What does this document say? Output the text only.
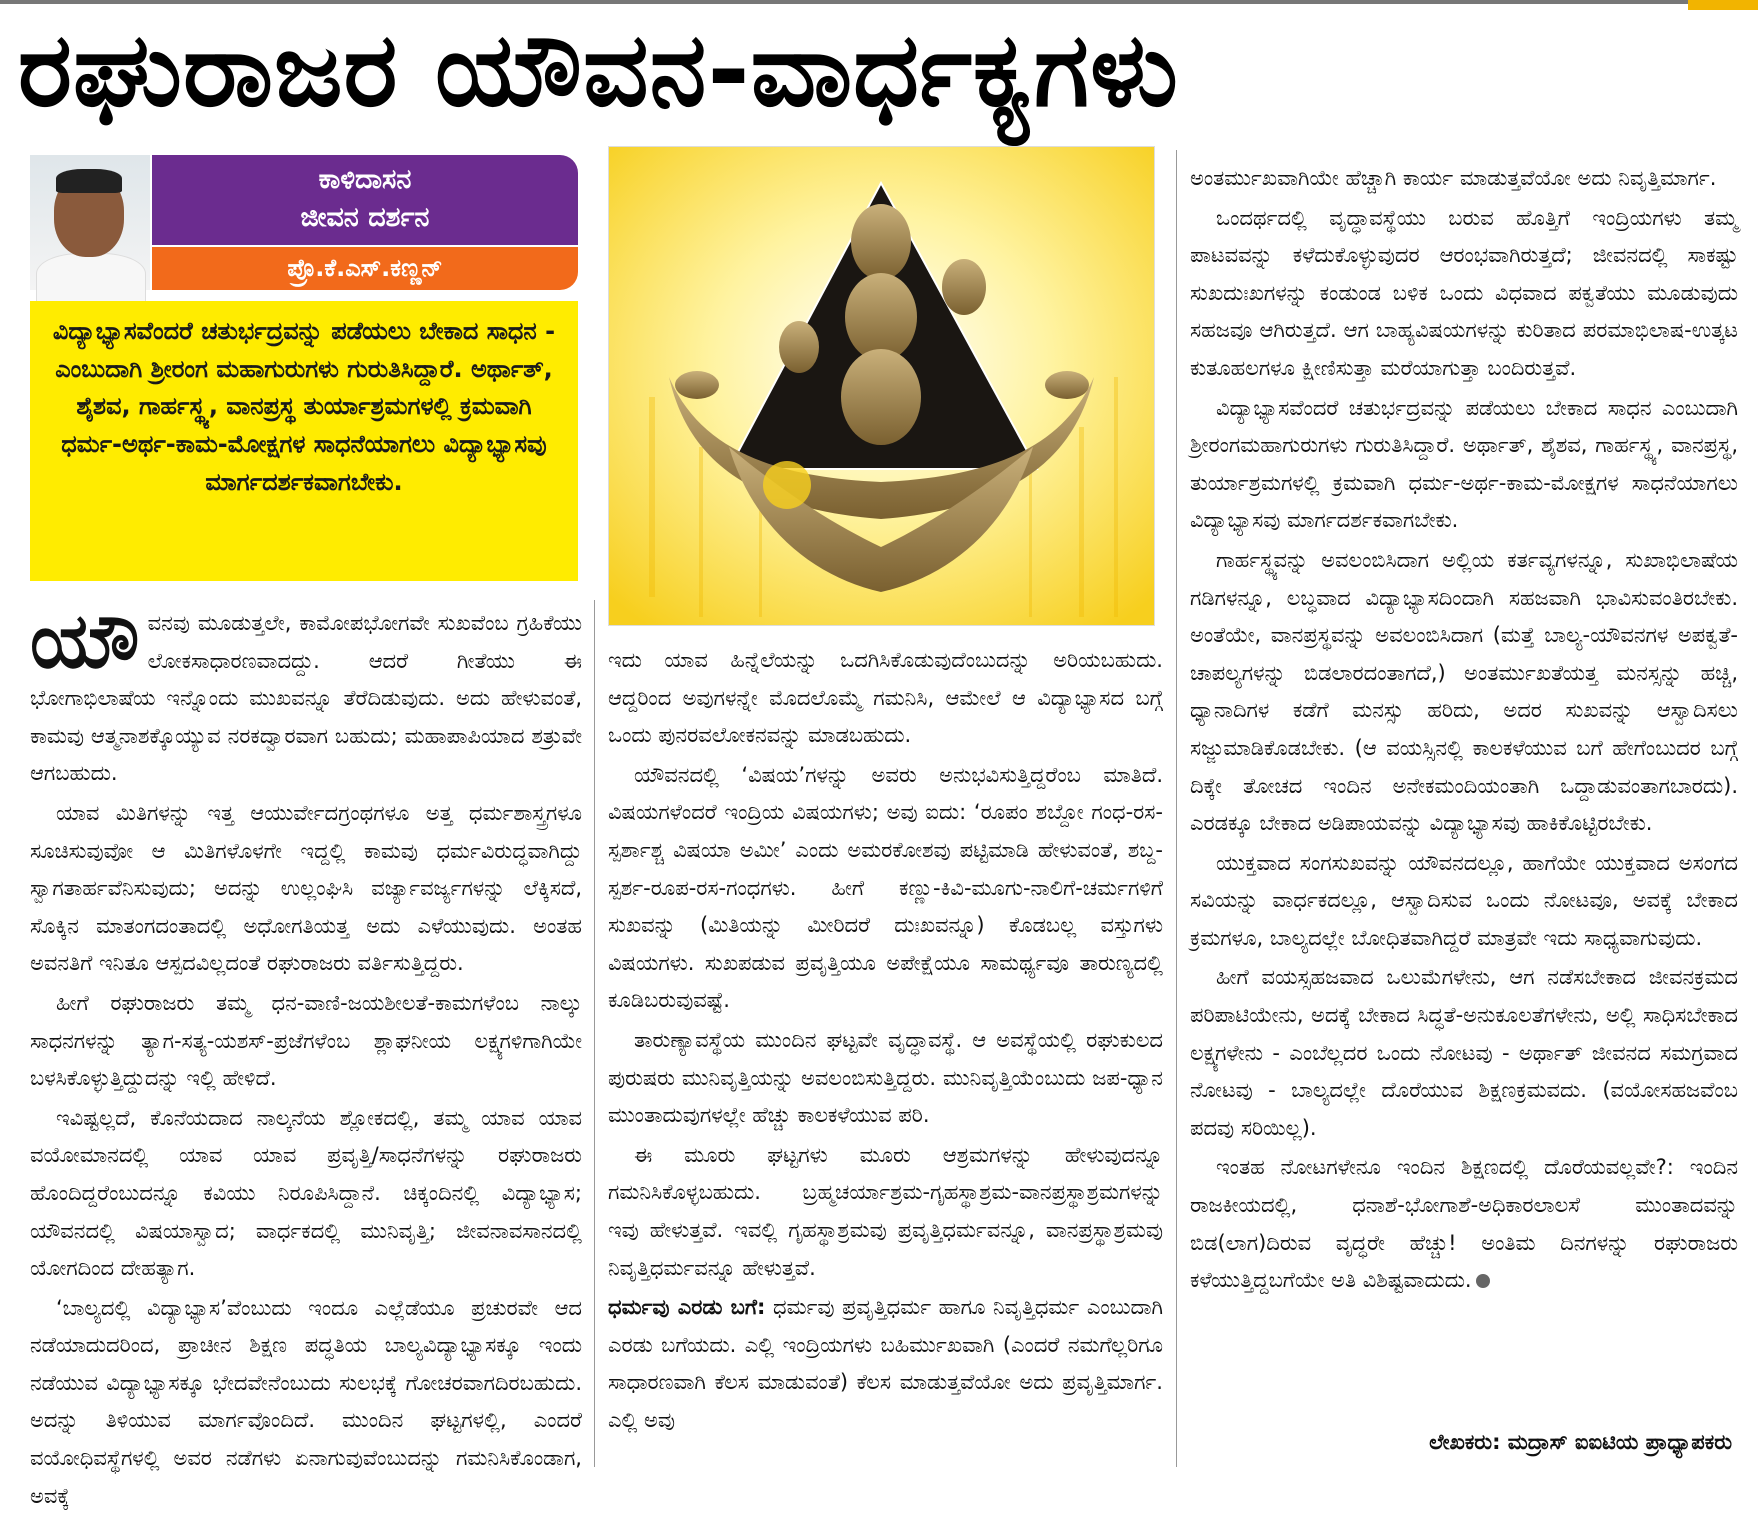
ರಘುರಾಜರ ಯೌವನ-ವಾರ್ಧಕ್ಯಗಳು
ಕಾಳಿದಾಸನ
ಜೀವನ ದರ್ಶನ
ಪ್ರೊ.ಕೆ.ಎಸ್.ಕಣ್ಣನ್

ವಿದ್ಯಾಭ್ಯಾಸವೆಂದರೆ ಚತುರ್ಭದ್ರವನ್ನು ಪಡೆಯಲು ಬೇಕಾದ ಸಾಧನ - ಎಂಬುದಾಗಿ ಶ್ರೀರಂಗ ಮಹಾಗುರುಗಳು ಗುರುತಿಸಿದ್ದಾರೆ. ಅರ್ಥಾತ್, ಶೈಶವ, ಗಾರ್ಹಸ್ಥ್ಯ, ವಾನಪ್ರಸ್ಥ ತುರ್ಯಾಶ್ರಮಗಳಲ್ಲಿ ಕ್ರಮವಾಗಿ ಧರ್ಮ-ಅರ್ಥ-ಕಾಮ-ಮೋಕ್ಷಗಳ ಸಾಧನೆಯಾಗಲು ವಿದ್ಯಾಭ್ಯಾಸವು ಮಾರ್ಗದರ್ಶಕವಾಗಬೇಕು.

ಯೌವನವು ಮೂಡುತ್ತಲೇ, ಕಾಮೋಪಭೋಗವೇ ಸುಖವೆಂಬ ಗ್ರಹಿಕೆಯು ಲೋಕಸಾಧಾರಣವಾದದ್ದು. ಆದರೆ ಗೀತೆಯು ಈ ಭೋಗಾಭಿಲಾಷೆಯ ಇನ್ನೊಂದು ಮುಖವನ್ನೂ ತೆರೆದಿಡುವುದು. ಅದು ಹೇಳುವಂತೆ, ಕಾಮವು ಆತ್ಮನಾಶಕ್ಕೊಯ್ಯುವ ನರಕದ್ವಾರವಾಗ ಬಹುದು; ಮಹಾಪಾಪಿಯಾದ ಶತ್ರುವೇ ಆಗಬಹುದು.

ಯಾವ ಮಿತಿಗಳನ್ನು ಇತ್ತ ಆಯುರ್ವೇದಗ್ರಂಥಗಳೂ ಅತ್ತ ಧರ್ಮಶಾಸ್ತ್ರಗಳೂ ಸೂಚಿಸುವುವೋ ಆ ಮಿತಿಗಳೊಳಗೇ ಇದ್ದಲ್ಲಿ ಕಾಮವು ಧರ್ಮವಿರುದ್ಧವಾಗಿದ್ದು ಸ್ವಾಗತಾರ್ಹವೆನಿಸುವುದು; ಅದನ್ನು ಉಲ್ಲಂಘಿಸಿ ವರ್ಜ್ಯಾವರ್ಜ್ಯಗಳನ್ನು ಲೆಕ್ಕಿಸದೆ, ಸೊಕ್ಕಿನ ಮಾತಂಗದಂತಾದಲ್ಲಿ ಅಧೋಗತಿಯತ್ತ ಅದು ಎಳೆಯುವುದು. ಅಂತಹ ಅವನತಿಗೆ ಇನಿತೂ ಆಸ್ಪದವಿಲ್ಲದಂತೆ ರಘುರಾಜರು ವರ್ತಿಸುತ್ತಿದ್ದರು.

ಹೀಗೆ ರಘುರಾಜರು ತಮ್ಮ ಧನ-ವಾಣಿ-ಜಯಶೀಲತೆ-ಕಾಮಗಳೆಂಬ ನಾಲ್ಕು ಸಾಧನಗಳನ್ನು ತ್ಯಾಗ-ಸತ್ಯ-ಯಶಸ್-ಪ್ರಜೆಗಳೆಂಬ ಶ್ಲಾಘನೀಯ ಲಕ್ಷ್ಯಗಳಿಗಾಗಿಯೇ ಬಳಸಿಕೊಳ್ಳುತ್ತಿದ್ದುದನ್ನು ಇಲ್ಲಿ ಹೇಳಿದೆ.

ಇವಿಷ್ಟಲ್ಲದೆ, ಕೊನೆಯದಾದ ನಾಲ್ಕನೆಯ ಶ್ಲೋಕದಲ್ಲಿ, ತಮ್ಮ ಯಾವ ಯಾವ ವಯೋಮಾನದಲ್ಲಿ ಯಾವ ಯಾವ ಪ್ರವೃತ್ತಿ/ಸಾಧನೆಗಳನ್ನು ರಘುರಾಜರು ಹೊಂದಿದ್ದರೆಂಬುದನ್ನೂ ಕವಿಯು ನಿರೂಪಿಸಿದ್ದಾನೆ. ಚಿಕ್ಕಂದಿನಲ್ಲಿ ವಿದ್ಯಾಭ್ಯಾಸ; ಯೌವನದಲ್ಲಿ ವಿಷಯಾಸ್ವಾದ; ವಾರ್ಧಕದಲ್ಲಿ ಮುನಿವೃತ್ತಿ; ಜೀವನಾವಸಾನದಲ್ಲಿ ಯೋಗದಿಂದ ದೇಹತ್ಯಾಗ.

‘ಬಾಲ್ಯದಲ್ಲಿ ವಿದ್ಯಾಭ್ಯಾಸ’ವೆಂಬುದು ಇಂದೂ ಎಲ್ಲೆಡೆಯೂ ಪ್ರಚುರವೇ ಆದ ನಡೆಯಾದುದರಿಂದ, ಪ್ರಾಚೀನ ಶಿಕ್ಷಣ ಪದ್ಧತಿಯ ಬಾಲ್ಯವಿದ್ಯಾಭ್ಯಾಸಕ್ಕೂ ಇಂದು ನಡೆಯುವ ವಿದ್ಯಾಭ್ಯಾಸಕ್ಕೂ ಭೇದವೇನೆಂಬುದು ಸುಲಭಕ್ಕೆ ಗೋಚರವಾಗದಿರಬಹುದು. ಅದನ್ನು ತಿಳಿಯುವ ಮಾರ್ಗವೊಂದಿದೆ. ಮುಂದಿನ ಘಟ್ಟಗಳಲ್ಲಿ, ಎಂದರೆ ವಯೋಧಿವಸ್ಥೆಗಳಲ್ಲಿ ಅವರ ನಡೆಗಳು ಏನಾಗುವುವೆಂಬುದನ್ನು ಗಮನಿಸಿಕೊಂಡಾಗ, ಅವಕ್ಕೆ

ಇದು ಯಾವ ಹಿನ್ನೆಲೆಯನ್ನು ಒದಗಿಸಿಕೊಡುವುದೆಂಬುದನ್ನು ಅರಿಯಬಹುದು. ಆದ್ದರಿಂದ ಅವುಗಳನ್ನೇ ಮೊದಲೊಮ್ಮೆ ಗಮನಿಸಿ, ಆಮೇಲೆ ಆ ವಿದ್ಯಾಭ್ಯಾಸದ ಬಗ್ಗೆ ಒಂದು ಪುನರವಲೋಕನವನ್ನು ಮಾಡಬಹುದು.

ಯೌವನದಲ್ಲಿ ‘ವಿಷಯ’ಗಳನ್ನು ಅವರು ಅನುಭವಿಸುತ್ತಿದ್ದರೆಂಬ ಮಾತಿದೆ. ವಿಷಯಗಳೆಂದರೆ ಇಂದ್ರಿಯ ವಿಷಯಗಳು; ಅವು ಐದು: ‘ರೂಪಂ ಶಬ್ದೋ ಗಂಧ-ರಸ-ಸ್ಪರ್ಶಾಶ್ಚ ವಿಷಯಾ ಅಮೀ’ ಎಂದು ಅಮರಕೋಶವು ಪಟ್ಟಿಮಾಡಿ ಹೇಳುವಂತೆ, ಶಬ್ದ-ಸ್ಪರ್ಶ-ರೂಪ-ರಸ-ಗಂಧಗಳು. ಹೀಗೆ ಕಣ್ಣು-ಕಿವಿ-ಮೂಗು-ನಾಲಿಗೆ-ಚರ್ಮಗಳಿಗೆ ಸುಖವನ್ನು (ಮಿತಿಯನ್ನು ಮೀರಿದರೆ ದುಃಖವನ್ನೂ) ಕೊಡಬಲ್ಲ ವಸ್ತುಗಳು ವಿಷಯಗಳು. ಸುಖಪಡುವ ಪ್ರವೃತ್ತಿಯೂ ಅಪೇಕ್ಷೆಯೂ ಸಾಮರ್ಥ್ಯವೂ ತಾರುಣ್ಯದಲ್ಲಿ ಕೂಡಿಬರುವುವಷ್ಟೆ.

ತಾರುಣ್ಯಾವಸ್ಥೆಯ ಮುಂದಿನ ಘಟ್ಟವೇ ವೃದ್ಧಾವಸ್ಥೆ. ಆ ಅವಸ್ಥೆಯಲ್ಲಿ ರಘುಕುಲದ ಪುರುಷರು ಮುನಿವೃತ್ತಿಯನ್ನು ಅವಲಂಬಿಸುತ್ತಿದ್ದರು. ಮುನಿವೃತ್ತಿಯೆಂಬುದು ಜಪ-ಧ್ಯಾನ ಮುಂತಾದುವುಗಳಲ್ಲೇ ಹೆಚ್ಚು ಕಾಲಕಳೆಯುವ ಪರಿ.

ಈ ಮೂರು ಘಟ್ಟಗಳು ಮೂರು ಆಶ್ರಮಗಳನ್ನು ಹೇಳುವುದನ್ನೂ ಗಮನಿಸಿಕೊಳ್ಳಬಹುದು. ಬ್ರಹ್ಮಚರ್ಯಾಶ್ರಮ-ಗೃಹಸ್ಥಾಶ್ರಮ-ವಾನಪ್ರಸ್ಥಾಶ್ರಮಗಳನ್ನು ಇವು ಹೇಳುತ್ತವೆ. ಇವಲ್ಲಿ ಗೃಹಸ್ಥಾಶ್ರಮವು ಪ್ರವೃತ್ತಿಧರ್ಮವನ್ನೂ, ವಾನಪ್ರಸ್ಥಾಶ್ರಮವು ನಿವೃತ್ತಿಧರ್ಮವನ್ನೂ ಹೇಳುತ್ತವೆ.

ಧರ್ಮವು ಎರಡು ಬಗೆ: ಧರ್ಮವು ಪ್ರವೃತ್ತಿಧರ್ಮ ಹಾಗೂ ನಿವೃತ್ತಿಧರ್ಮ ಎಂಬುದಾಗಿ ಎರಡು ಬಗೆಯದು. ಎಲ್ಲಿ ಇಂದ್ರಿಯಗಳು ಬಹಿರ್ಮುಖವಾಗಿ (ಎಂದರೆ ನಮಗೆಲ್ಲರಿಗೂ ಸಾಧಾರಣವಾಗಿ ಕೆಲಸ ಮಾಡುವಂತೆ) ಕೆಲಸ ಮಾಡುತ್ತವೆಯೋ ಅದು ಪ್ರವೃತ್ತಿಮಾರ್ಗ. ಎಲ್ಲಿ ಅವು

ಅಂತರ್ಮುಖವಾಗಿಯೇ ಹೆಚ್ಚಾಗಿ ಕಾರ್ಯ ಮಾಡುತ್ತವೆಯೋ ಅದು ನಿವೃತ್ತಿಮಾರ್ಗ.

ಒಂದರ್ಥದಲ್ಲಿ ವೃದ್ಧಾವಸ್ಥೆಯು ಬರುವ ಹೊತ್ತಿಗೆ ಇಂದ್ರಿಯಗಳು ತಮ್ಮ ಪಾಟವವನ್ನು ಕಳೆದುಕೊಳ್ಳುವುದರ ಆರಂಭವಾಗಿರುತ್ತದೆ; ಜೀವನದಲ್ಲಿ ಸಾಕಷ್ಟು ಸುಖದುಃಖಗಳನ್ನು ಕಂಡುಂಡ ಬಳಿಕ ಒಂದು ವಿಧವಾದ ಪಕ್ವತೆಯು ಮೂಡುವುದು ಸಹಜವೂ ಆಗಿರುತ್ತದೆ. ಆಗ ಬಾಹ್ಯವಿಷಯಗಳನ್ನು ಕುರಿತಾದ ಪರಮಾಭಿಲಾಷ-ಉತ್ಕಟ ಕುತೂಹಲಗಳೂ ಕ್ಷೀಣಿಸುತ್ತಾ ಮರೆಯಾಗುತ್ತಾ ಬಂದಿರುತ್ತವೆ.

ವಿದ್ಯಾಭ್ಯಾಸವೆಂದರೆ ಚತುರ್ಭದ್ರವನ್ನು ಪಡೆಯಲು ಬೇಕಾದ ಸಾಧನ ಎಂಬುದಾಗಿ ಶ್ರೀರಂಗಮಹಾಗುರುಗಳು ಗುರುತಿಸಿದ್ದಾರೆ. ಅರ್ಥಾತ್, ಶೈಶವ, ಗಾರ್ಹಸ್ಥ್ಯ, ವಾನಪ್ರಸ್ಥ, ತುರ್ಯಾಶ್ರಮಗಳಲ್ಲಿ ಕ್ರಮವಾಗಿ ಧರ್ಮ-ಅರ್ಥ-ಕಾಮ-ಮೋಕ್ಷಗಳ ಸಾಧನೆಯಾಗಲು ವಿದ್ಯಾಭ್ಯಾಸವು ಮಾರ್ಗದರ್ಶಕವಾಗಬೇಕು.

ಗಾರ್ಹಸ್ಥ್ಯವನ್ನು ಅವಲಂಬಿಸಿದಾಗ ಅಲ್ಲಿಯ ಕರ್ತವ್ಯಗಳನ್ನೂ, ಸುಖಾಭಿಲಾಷೆಯ ಗಡಿಗಳನ್ನೂ, ಲಬ್ಧವಾದ ವಿದ್ಯಾಭ್ಯಾಸದಿಂದಾಗಿ ಸಹಜವಾಗಿ ಭಾವಿಸುವಂತಿರಬೇಕು. ಅಂತೆಯೇ, ವಾನಪ್ರಸ್ಥವನ್ನು ಅವಲಂಬಿಸಿದಾಗ (ಮತ್ತೆ ಬಾಲ್ಯ-ಯೌವನಗಳ ಅಪಕ್ವತೆ-ಚಾಪಲ್ಯಗಳನ್ನು ಬಿಡಲಾರದಂತಾಗದೆ,) ಅಂತರ್ಮುಖತೆಯತ್ತ ಮನಸ್ಸನ್ನು ಹಚ್ಚಿ, ಧ್ಯಾನಾದಿಗಳ ಕಡೆಗೆ ಮನಸ್ಸು ಹರಿದು, ಅದರ ಸುಖವನ್ನು ಆಸ್ವಾದಿಸಲು ಸಜ್ಜುಮಾಡಿಕೊಡಬೇಕು. (ಆ ವಯಸ್ಸಿನಲ್ಲಿ ಕಾಲಕಳೆಯುವ ಬಗೆ ಹೇಗೆಂಬುದರ ಬಗ್ಗೆ ದಿಕ್ಕೇ ತೋಚದ ಇಂದಿನ ಅನೇಕಮಂದಿಯಂತಾಗಿ ಒದ್ದಾಡುವಂತಾಗಬಾರದು). ಎರಡಕ್ಕೂ ಬೇಕಾದ ಅಡಿಪಾಯವನ್ನು ವಿದ್ಯಾಭ್ಯಾಸವು ಹಾಕಿಕೊಟ್ಟಿರಬೇಕು.

ಯುಕ್ತವಾದ ಸಂಗಸುಖವನ್ನು ಯೌವನದಲ್ಲೂ, ಹಾಗೆಯೇ ಯುಕ್ತವಾದ ಅಸಂಗದ ಸವಿಯನ್ನು ವಾರ್ಧಕದಲ್ಲೂ, ಆಸ್ವಾದಿಸುವ ಒಂದು ನೋಟವೂ, ಅವಕ್ಕೆ ಬೇಕಾದ ಕ್ರಮಗಳೂ, ಬಾಲ್ಯದಲ್ಲೇ ಬೋಧಿತವಾಗಿದ್ದರೆ ಮಾತ್ರವೇ ಇದು ಸಾಧ್ಯವಾಗುವುದು.

ಹೀಗೆ ವಯಸ್ಸಹಜವಾದ ಒಲುಮೆಗಳೇನು, ಆಗ ನಡೆಸಬೇಕಾದ ಜೀವನಕ್ರಮದ ಪರಿಪಾಟಿಯೇನು, ಅದಕ್ಕೆ ಬೇಕಾದ ಸಿದ್ಧತೆ-ಅನುಕೂಲತೆಗಳೇನು, ಅಲ್ಲಿ ಸಾಧಿಸಬೇಕಾದ ಲಕ್ಷ್ಯಗಳೇನು - ಎಂಬೆಲ್ಲದರ ಒಂದು ನೋಟವು - ಅರ್ಥಾತ್ ಜೀವನದ ಸಮಗ್ರವಾದ ನೋಟವು - ಬಾಲ್ಯದಲ್ಲೇ ದೊರೆಯುವ ಶಿಕ್ಷಣಕ್ರಮವದು. (ವಯೋಸಹಜವೆಂಬ ಪದವು ಸರಿಯಿಲ್ಲ).

ಇಂತಹ ನೋಟಗಳೇನೂ ಇಂದಿನ ಶಿಕ್ಷಣದಲ್ಲಿ ದೊರೆಯವಲ್ಲವೇ?: ಇಂದಿನ ರಾಜಕೀಯದಲ್ಲಿ, ಧನಾಶೆ-ಭೋಗಾಶೆ-ಅಧಿಕಾರಲಾಲಸೆ ಮುಂತಾದವನ್ನು ಬಿಡ(ಲಾಗ)ದಿರುವ ವೃದ್ಧರೇ ಹೆಚ್ಚು! ಅಂತಿಮ ದಿನಗಳನ್ನು ರಘುರಾಜರು ಕಳೆಯುತ್ತಿದ್ದಬಗೆಯೇ ಅತಿ ವಿಶಿಷ್ಟವಾದುದು.

ಲೇಖಕರು: ಮದ್ರಾಸ್ ಐಐಟಿಯ ಪ್ರಾಧ್ಯಾಪಕರು
